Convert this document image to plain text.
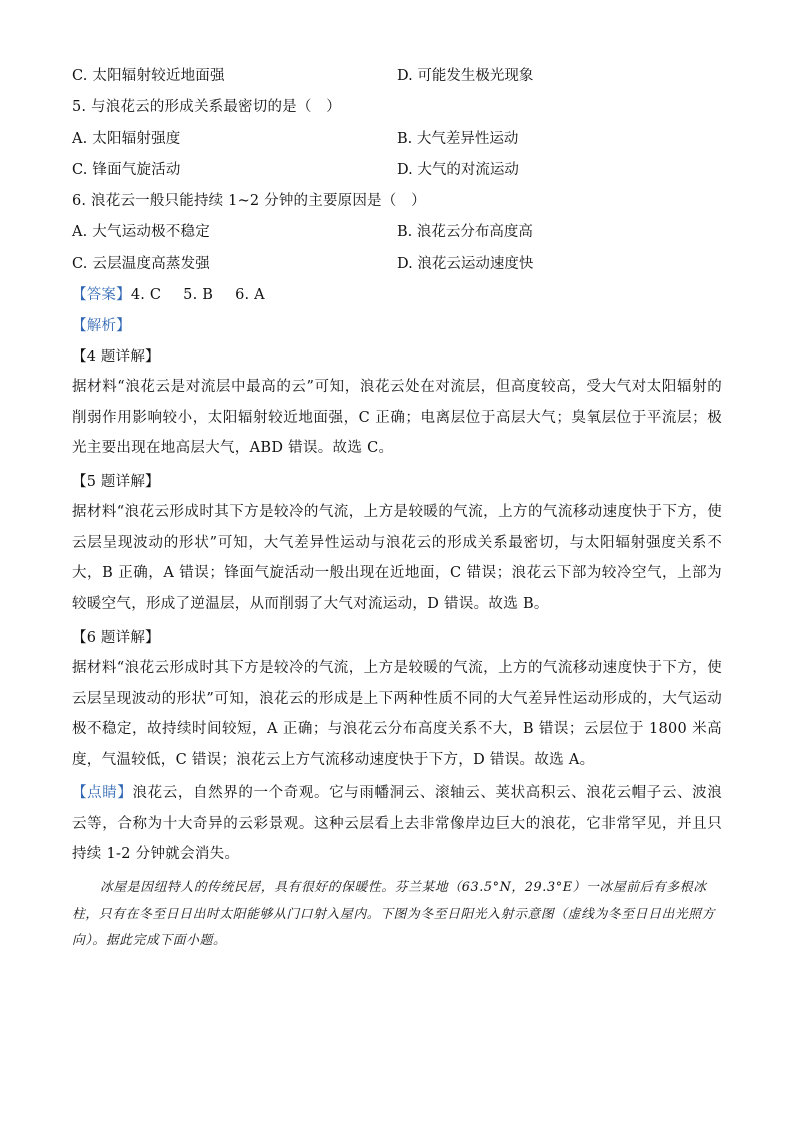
C. 太阳辐射较近地面强	D. 可能发生极光现象
5. 与浪花云的形成关系最密切的是（　）
A. 太阳辐射强度	B. 大气差异性运动
C. 锋面气旋活动	D. 大气的对流运动
6. 浪花云一般只能持续 1~2 分钟的主要原因是（　）
A. 大气运动极不稳定	B. 浪花云分布高度高
C. 云层温度高蒸发强	D. 浪花云运动速度快
【答案】4. C 5. B 6. A
【解析】
【4 题详解】
据材料“浪花云是对流层中最高的云”可知，浪花云处在对流层，但高度较高，受大气对太阳辐射的削弱作用影响较小，太阳辐射较近地面强，C 正确；电离层位于高层大气；臭氧层位于平流层；极光主要出现在地高层大气，ABD 错误。故选 C。
【5 题详解】
据材料“浪花云形成时其下方是较冷的气流，上方是较暖的气流，上方的气流移动速度快于下方，使云层呈现波动的形状”可知，大气差异性运动与浪花云的形成关系最密切，与太阳辐射强度关系不大，B 正确，A 错误；锋面气旋活动一般出现在近地面，C 错误；浪花云下部为较冷空气，上部为较暖空气，形成了逆温层，从而削弱了大气对流运动，D 错误。故选 B。
【6 题详解】
据材料“浪花云形成时其下方是较冷的气流，上方是较暖的气流，上方的气流移动速度快于下方，使云层呈现波动的形状”可知，浪花云的形成是上下两种性质不同的大气差异性运动形成的，大气运动极不稳定，故持续时间较短，A 正确；与浪花云分布高度关系不大，B 错误；云层位于 1800 米高度，气温较低，C 错误；浪花云上方气流移动速度快于下方，D 错误。故选 A。
【点睛】浪花云，自然界的一个奇观。它与雨幡洞云、滚轴云、荚状高积云、浪花云帽子云、波浪云等，合称为十大奇异的云彩景观。这种云层看上去非常像岸边巨大的浪花，它非常罕见，并且只持续 1-2 分钟就会消失。
冰屋是因纽特人的传统民居，具有很好的保暖性。芬兰某地（63.5°N，29.3°E）一冰屋前后有多根冰柱，只有在冬至日日出时太阳能够从门口射入屋内。下图为冬至日阳光入射示意图（虚线为冬至日日出光照方向）。据此完成下面小题。
